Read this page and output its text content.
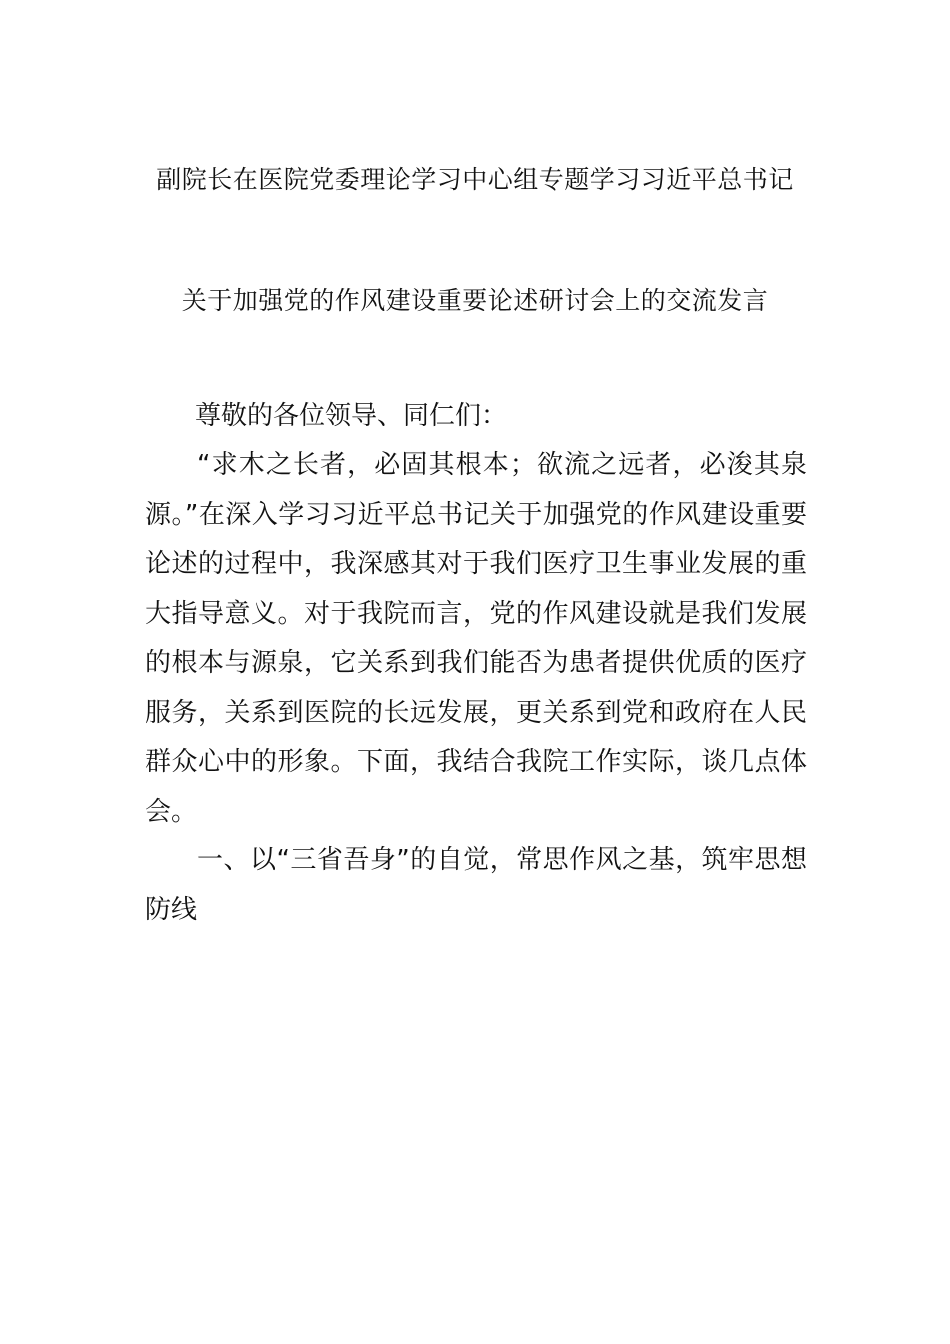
副院长在医院党委理论学习中心组专题学习习近平总书记
关于加强党的作风建设重要论述研讨会上的交流发言
尊敬的各位领导、同仁们：
“求木之长者，必固其根本；欲流之远者，必浚其泉源。”在深入学习习近平总书记关于加强党的作风建设重要论述的过程中，我深感其对于我们医疗卫生事业发展的重大指导意义。对于我院而言，党的作风建设就是我们发展的根本与源泉，它关系到我们能否为患者提供优质的医疗服务，关系到医院的长远发展，更关系到党和政府在人民群众心中的形象。下面，我结合我院工作实际，谈几点体会。
一、以“三省吾身”的自觉，常思作风之基，筑牢思想防线
